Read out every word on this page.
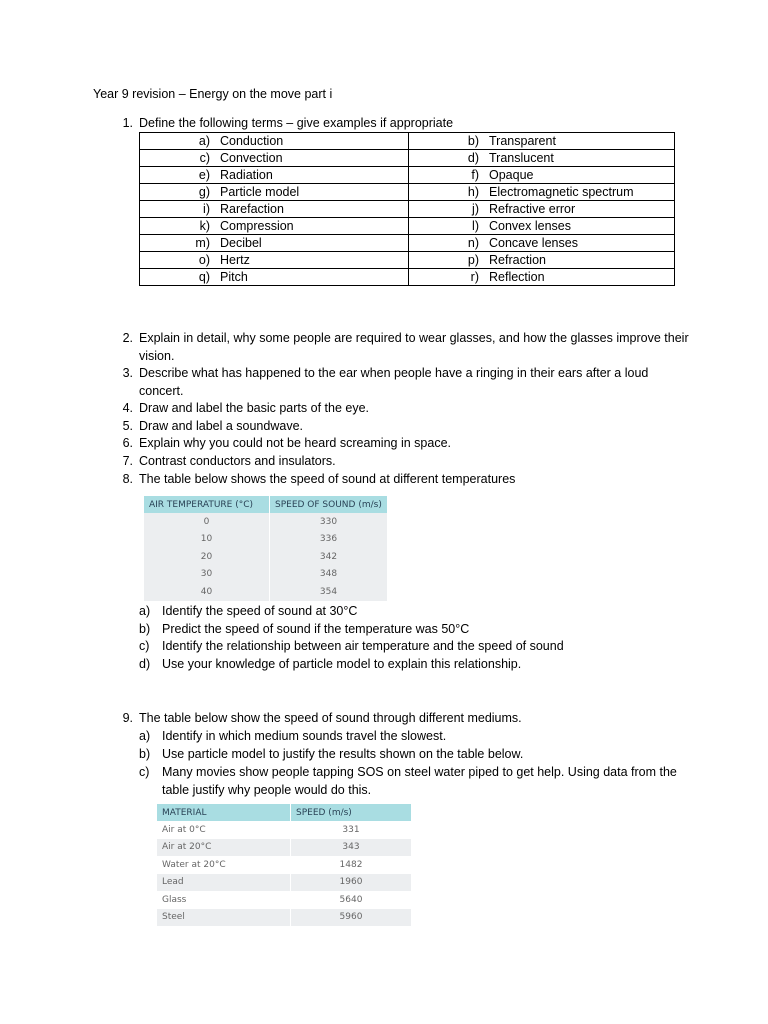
Year 9 revision – Energy on the move part i
1. Define the following terms – give examples if appropriate
a) Conduction	b) Transparent
c) Convection	d) Translucent
e) Radiation	f) Opaque
g) Particle model	h) Electromagnetic spectrum
i) Rarefaction	j) Refractive error
k) Compression	l) Convex lenses
m) Decibel	n) Concave lenses
o) Hertz	p) Refraction
q) Pitch	r) Reflection
2. Explain in detail, why some people are required to wear glasses, and how the glasses improve their vision.
3. Describe what has happened to the ear when people have a ringing in their ears after a loud concert.
4. Draw and label the basic parts of the eye.
5. Draw and label a soundwave.
6. Explain why you could not be heard screaming in space.
7. Contrast conductors and insulators.
8. The table below shows the speed of sound at different temperatures
AIR TEMPERATURE (°C)	SPEED OF SOUND (m/s)
0	330
10	336
20	342
30	348
40	354
a) Identify the speed of sound at 30°C
b) Predict the speed of sound if the temperature was 50°C
c) Identify the relationship between air temperature and the speed of sound
d) Use your knowledge of particle model to explain this relationship.
9. The table below show the speed of sound through different mediums.
a) Identify in which medium sounds travel the slowest.
b) Use particle model to justify the results shown on the table below.
c) Many movies show people tapping SOS on steel water piped to get help. Using data from the table justify why people would do this.
MATERIAL	SPEED (m/s)
Air at 0°C	331
Air at 20°C	343
Water at 20°C	1482
Lead	1960
Glass	5640
Steel	5960
